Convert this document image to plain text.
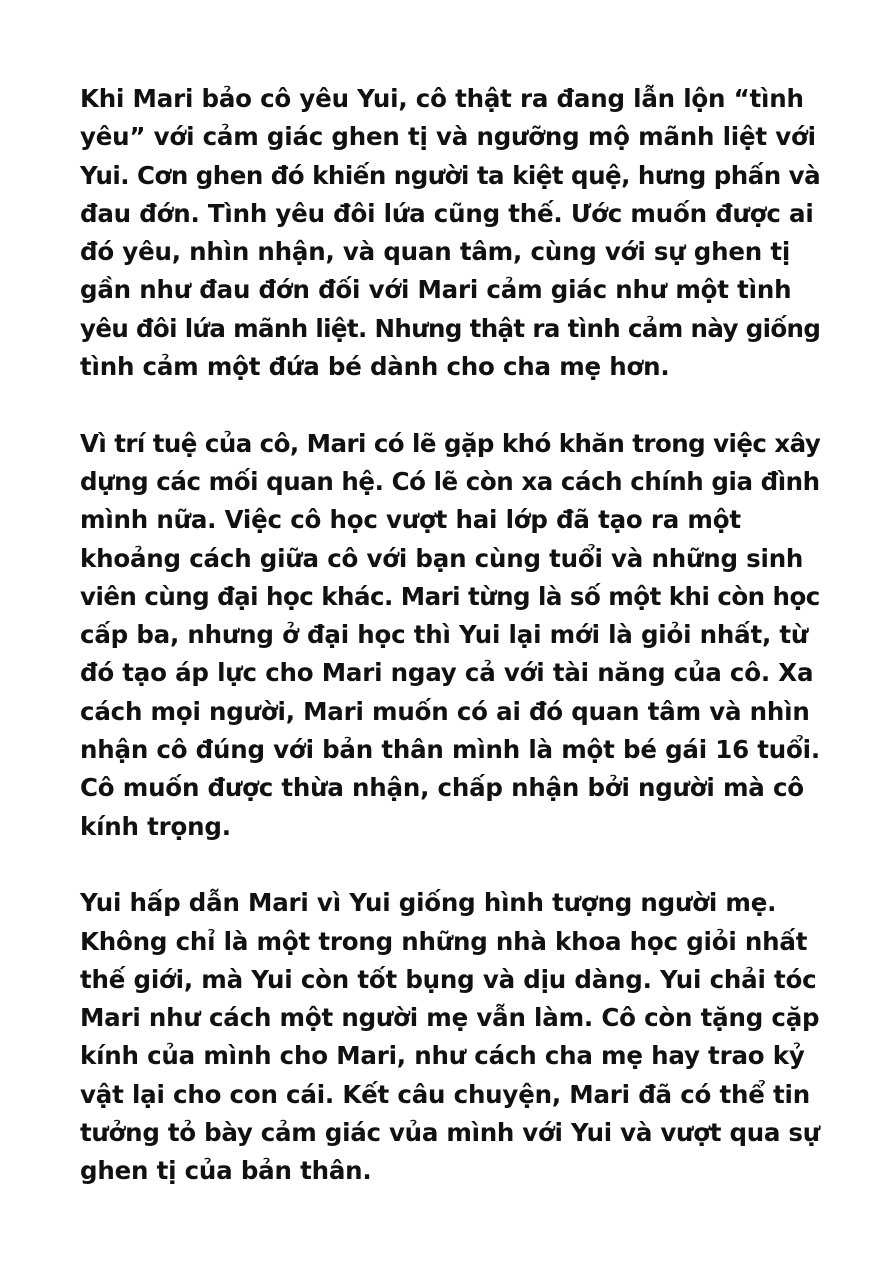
Khi Mari bảo cô yêu Yui, cô thật ra đang lẫn lộn “tình
yêu” với cảm giác ghen tị và ngưỡng mộ mãnh liệt với
Yui. Cơn ghen đó khiến người ta kiệt quệ, hưng phấn và
đau đớn. Tình yêu đôi lứa cũng thế. Ước muốn được ai
đó yêu, nhìn nhận, và quan tâm, cùng với sự ghen tị
gần như đau đớn đối với Mari cảm giác như một tình
yêu đôi lứa mãnh liệt. Nhưng thật ra tình cảm này giống
tình cảm một đứa bé dành cho cha mẹ hơn.

Vì trí tuệ của cô, Mari có lẽ gặp khó khăn trong việc xây
dựng các mối quan hệ. Có lẽ còn xa cách chính gia đình
mình nữa. Việc cô học vượt hai lớp đã tạo ra một
khoảng cách giữa cô với bạn cùng tuổi và những sinh
viên cùng đại học khác. Mari từng là số một khi còn học
cấp ba, nhưng ở đại học thì Yui lại mới là giỏi nhất, từ
đó tạo áp lực cho Mari ngay cả với tài năng của cô. Xa
cách mọi người, Mari muốn có ai đó quan tâm và nhìn
nhận cô đúng với bản thân mình là một bé gái 16 tuổi.
Cô muốn được thừa nhận, chấp nhận bởi người mà cô
kính trọng.

Yui hấp dẫn Mari vì Yui giống hình tượng người mẹ.
Không chỉ là một trong những nhà khoa học giỏi nhất
thế giới, mà Yui còn tốt bụng và dịu dàng. Yui chải tóc
Mari như cách một người mẹ vẫn làm. Cô còn tặng cặp
kính của mình cho Mari, như cách cha mẹ hay trao kỷ
vật lại cho con cái. Kết câu chuyện, Mari đã có thể tin
tưởng tỏ bày cảm giác vủa mình với Yui và vượt qua sự
ghen tị của bản thân.
